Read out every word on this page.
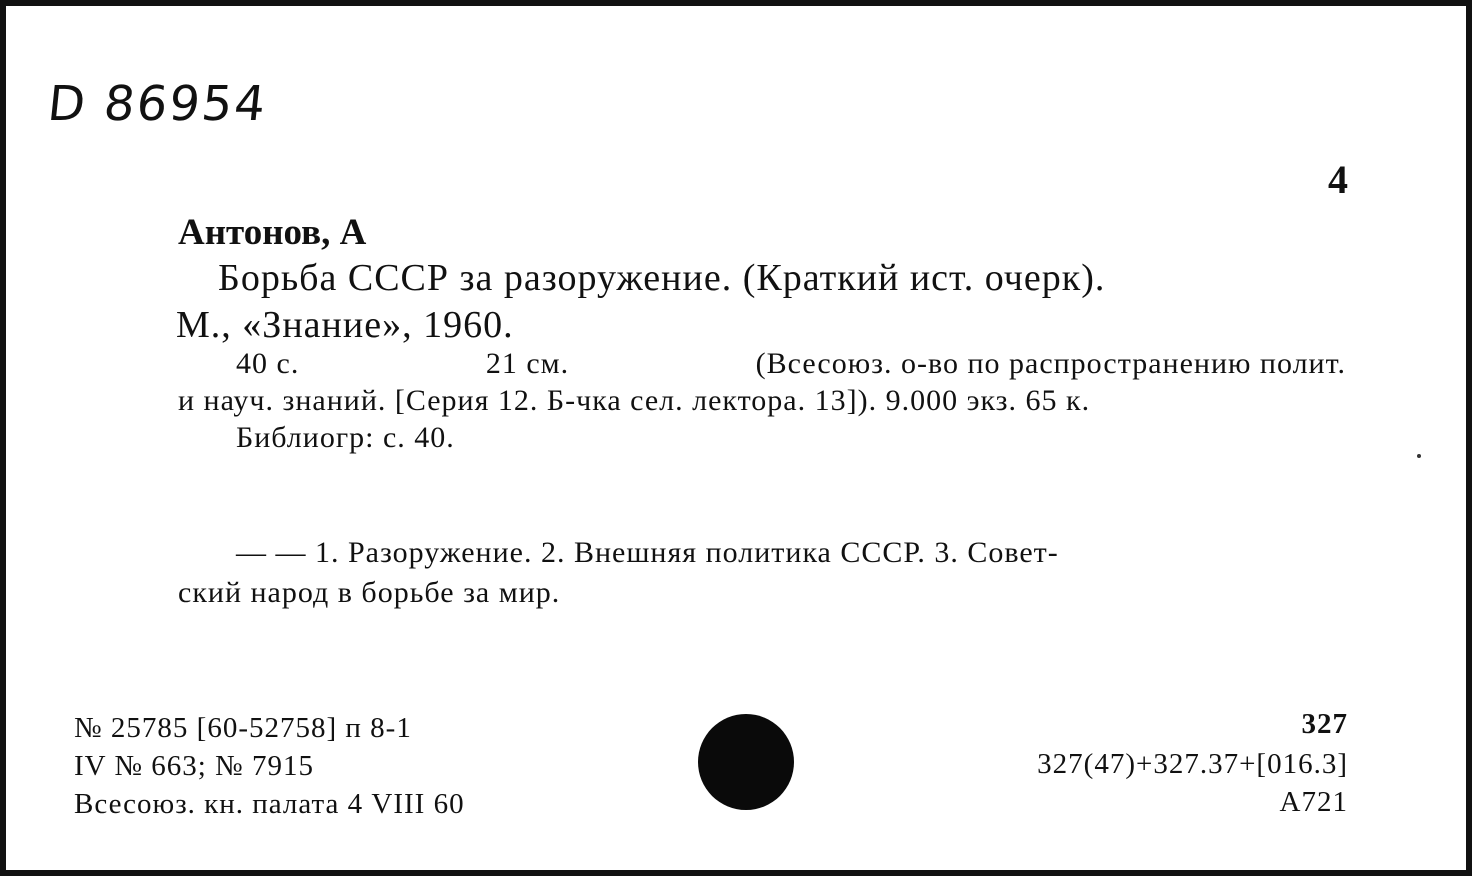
D 86954
4
Антонов, А
Борьба СССР за разоружение. (Краткий ист. очерк).
М., «Знание», 1960.
40 с.	21 см.	(Всесоюз. о-во по распространению полит.
и науч. знаний. [Серия 12. Б-чка сел. лектора. 13]). 9.000 экз. 65 к.
Библиогр: с. 40.
— — 1. Разоружение. 2. Внешняя политика СССР. 3. Совет-
ский народ в борьбе за мир.
№ 25785 [60-52758] п 8-1
IV № 663; № 7915
Всесоюз. кн. палата 4 VIII 60
327
327(47)+327.37+[016.3]
А721
